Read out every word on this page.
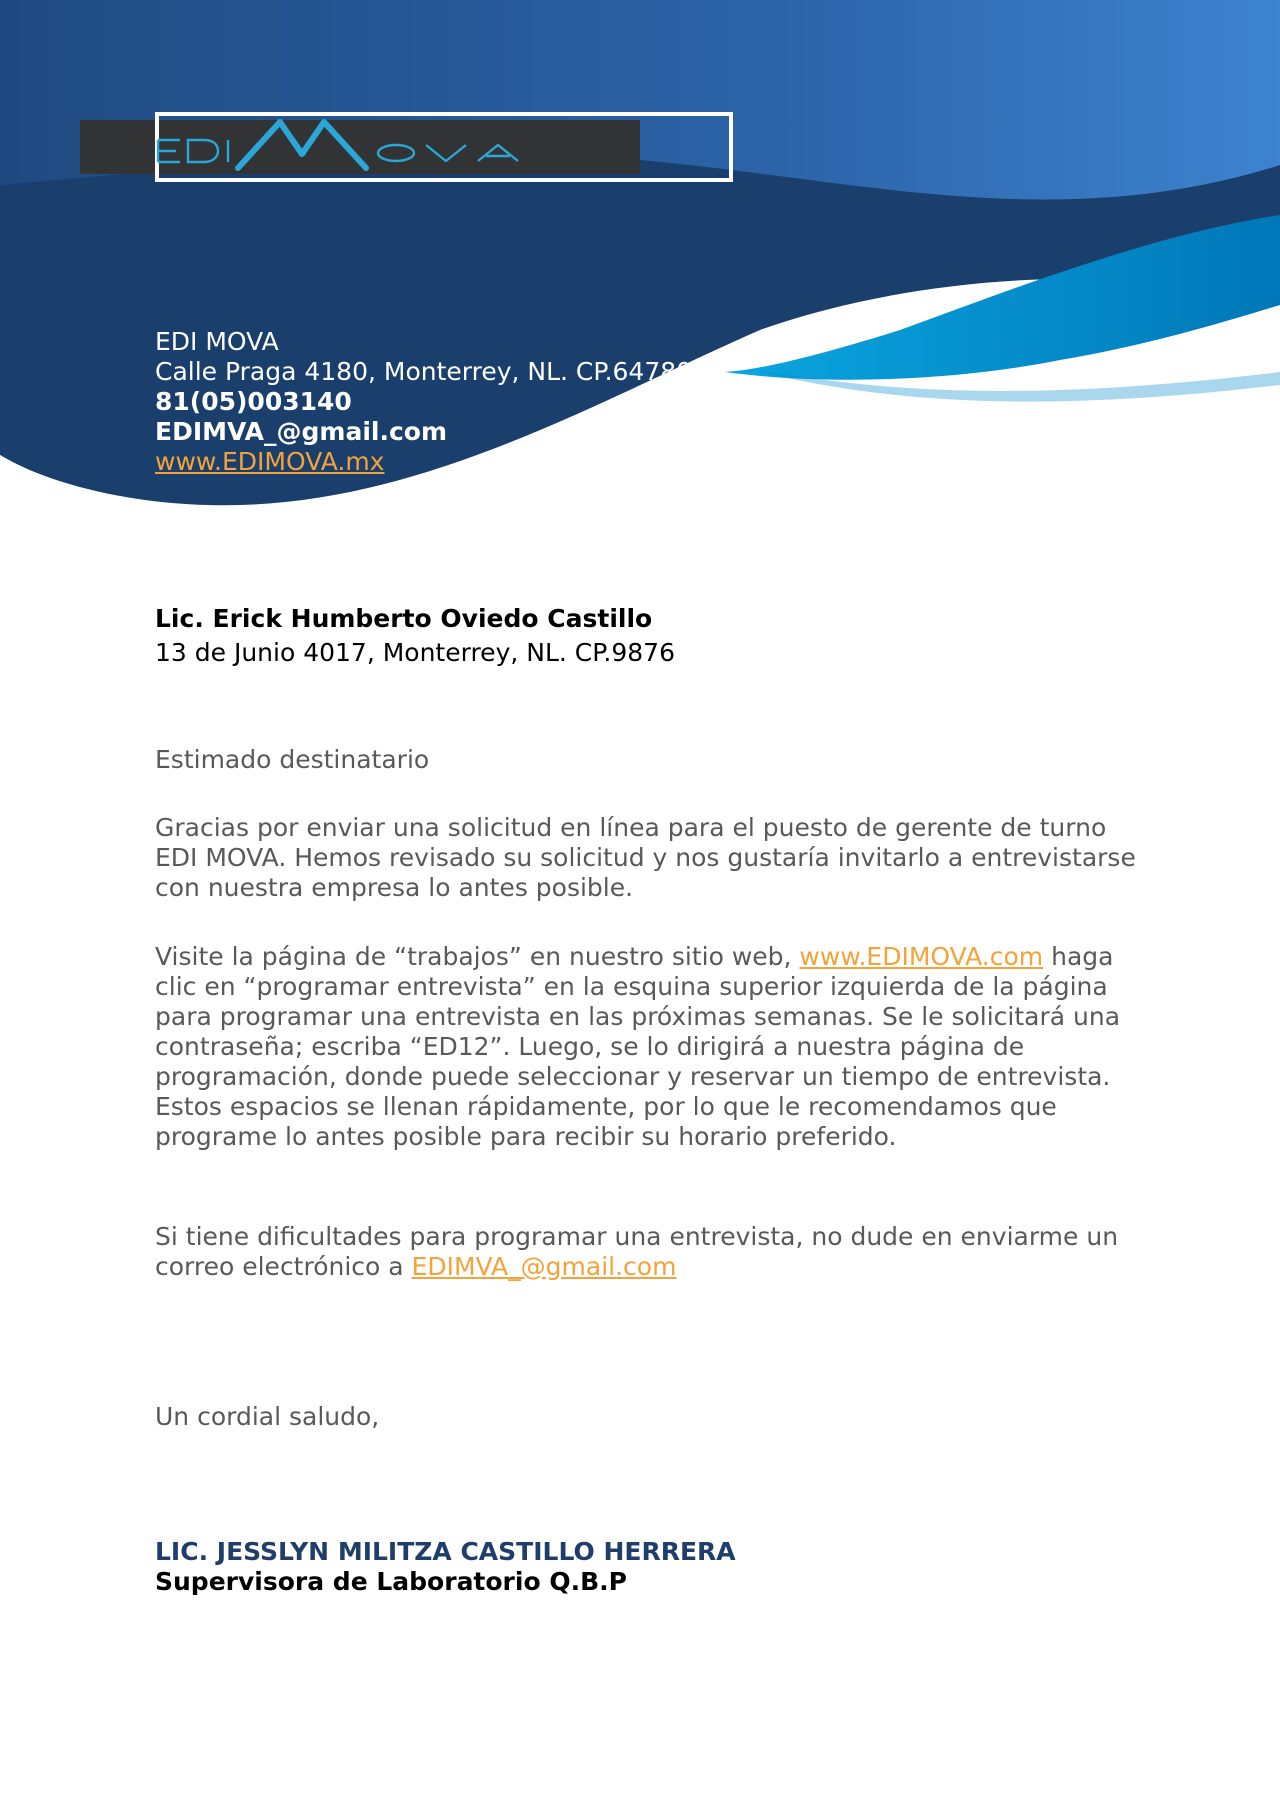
EDI MOVA
Calle Praga 4180, Monterrey, NL. CP.64780
81(05)003140
EDIMVA_@gmail.com
www.EDIMOVA.mx
Lic. Erick Humberto Oviedo Castillo
13 de Junio 4017, Monterrey, NL. CP.9876

Estimado destinatario

Gracias por enviar una solicitud en línea para el puesto de gerente de turno EDI MOVA. Hemos revisado su solicitud y nos gustaría invitarlo a entrevistarse con nuestra empresa lo antes posible.

Visite la página de “trabajos” en nuestro sitio web, www.EDIMOVA.com haga clic en “programar entrevista” en la esquina superior izquierda de la página para programar una entrevista en las próximas semanas. Se le solicitará una contraseña; escriba “ED12”. Luego, se lo dirigirá a nuestra página de programación, donde puede seleccionar y reservar un tiempo de entrevista. Estos espacios se llenan rápidamente, por lo que le recomendamos que programe lo antes posible para recibir su horario preferido.

Si tiene dificultades para programar una entrevista, no dude en enviarme un correo electrónico a EDIMVA_@gmail.com

Un cordial saludo,

LIC. JESSLYN MILITZA CASTILLO HERRERA
Supervisora de Laboratorio Q.B.P
